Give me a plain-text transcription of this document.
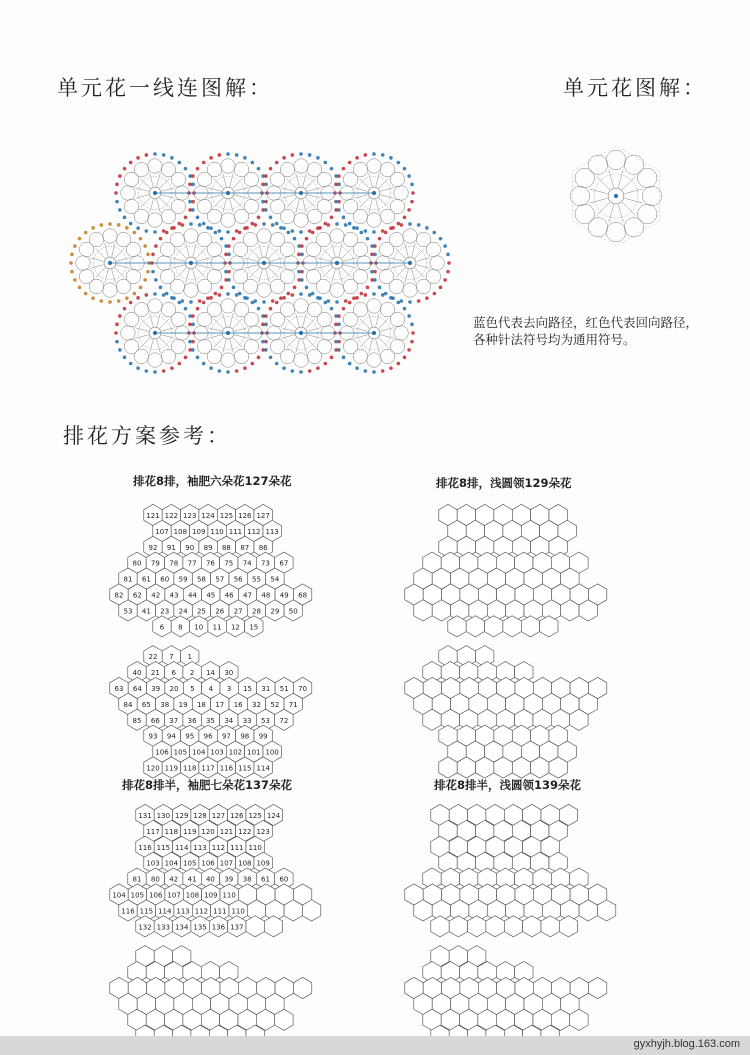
单元花一线连图解：	单元花图解：
排花方案参考：
蓝色代表去向路径，红色代表回向路径，
各种针法符号均为通用符号。
排花8排，袖肥六朵花127朵花	排花8排，浅圆领129朵花
排花8排半，袖肥七朵花137朵花	排花8排半，浅圆领139朵花
121 122 123 124 125 126 127
107 108 109 110 111 112 113
92 91 90 89 88 87 86
80 79 78 77 76 75 74 73 67
81 61 60 59 58 57 56 55 54
82 62 42 43 44 45 46 47 48 49 68
53 41 23 24 25 26 27 28 29 50
6 8 10 11 12 15
22 7 1
40 21 6 2 14 30
63 64 39 20 5 4 3 15 31 51 70
84 65 38 19 18 17 16 32 52 71
85 66 37 36 35 34 33 53 72
93 94 95 96 97 98 99
106 105 104 103 102 101 100
120 119 118 117 116 115 114
131 130 129 128 127 126 125 124
117 118 119 120 121 122 123
116 115 114 113 112 111 110
103 104 105 106 107 108 109
81 80 42 41 40 39 38 61 60
104 105 106 107 108 109 110
116 115 114 113 112 111 110
132 133 134 135 136 137
gyxhyjh.blog.163.com
